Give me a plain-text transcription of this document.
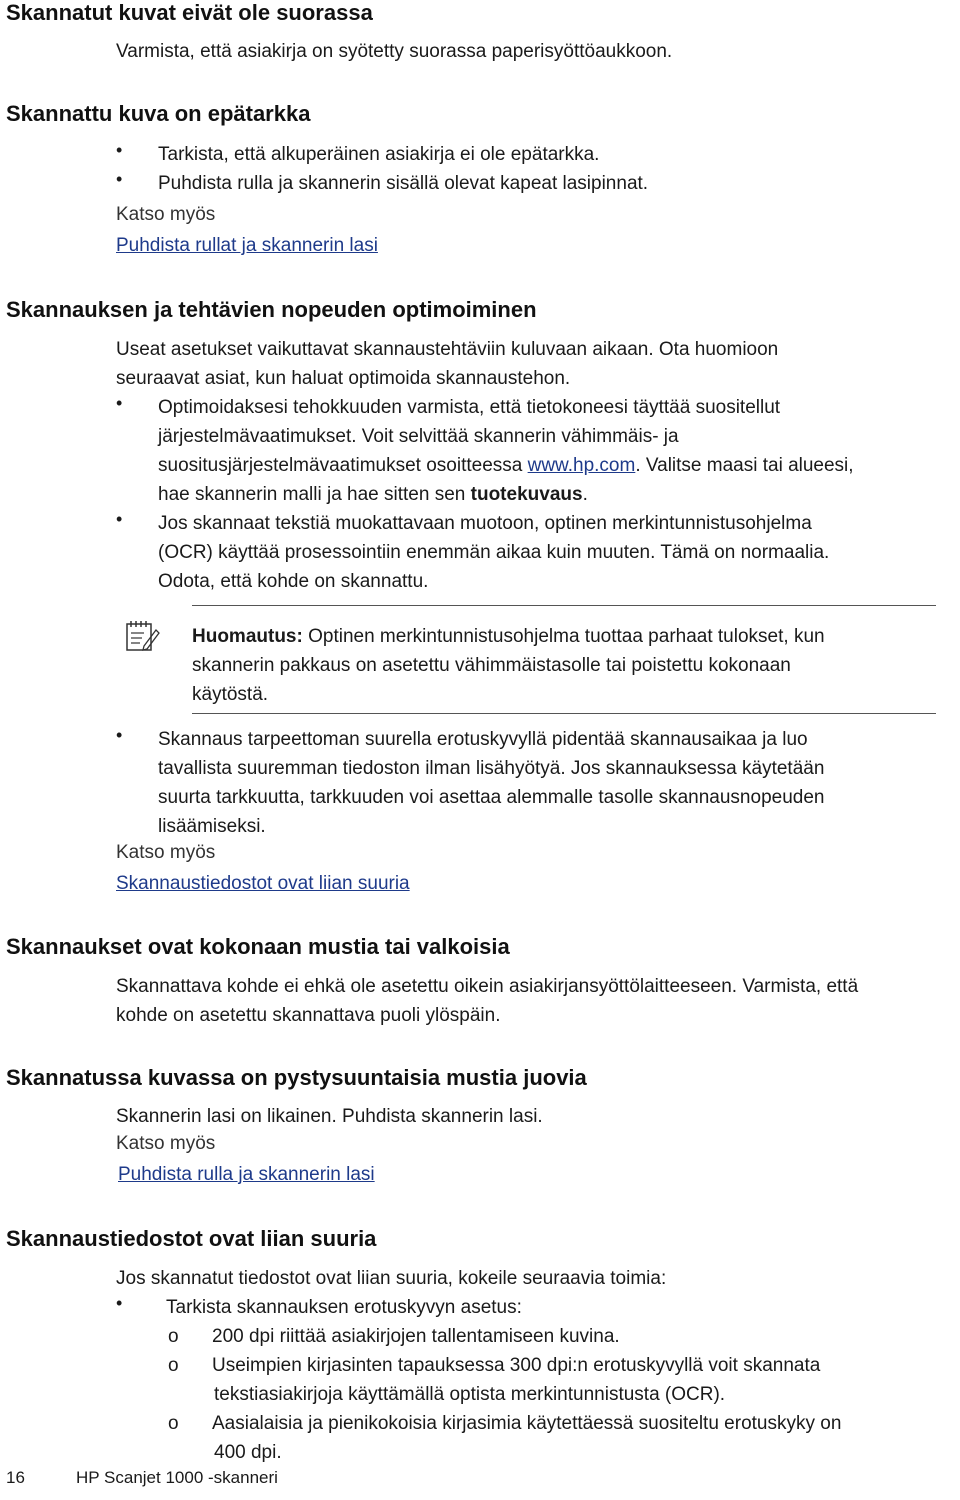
Skannatut kuvat eivät ole suorassa
Varmista, että asiakirja on syötetty suorassa paperisyöttöaukkoon.
Skannattu kuva on epätarkka
• Tarkista, että alkuperäinen asiakirja ei ole epätarkka.
• Puhdista rulla ja skannerin sisällä olevat kapeat lasipinnat.
Katso myös
Puhdista rullat ja skannerin lasi
Skannauksen ja tehtävien nopeuden optimoiminen
Useat asetukset vaikuttavat skannaustehtäviin kuluvaan aikaan. Ota huomioon
seuraavat asiat, kun haluat optimoida skannaustehon.
• Optimoidaksesi tehokkuuden varmista, että tietokoneesi täyttää suositellut
järjestelmävaatimukset. Voit selvittää skannerin vähimmäis- ja
suositusjärjestelmävaatimukset osoitteessa www.hp.com. Valitse maasi tai alueesi,
hae skannerin malli ja hae sitten sen tuotekuvaus.
• Jos skannaat tekstiä muokattavaan muotoon, optinen merkintunnistusohjelma
(OCR) käyttää prosessointiin enemmän aikaa kuin muuten. Tämä on normaalia.
Odota, että kohde on skannattu.
Huomautus: Optinen merkintunnistusohjelma tuottaa parhaat tulokset, kun
skannerin pakkaus on asetettu vähimmäistasolle tai poistettu kokonaan
käytöstä.
• Skannaus tarpeettoman suurella erotuskyvyllä pidentää skannausaikaa ja luo
tavallista suuremman tiedoston ilman lisähyötyä. Jos skannauksessa käytetään
suurta tarkkuutta, tarkkuuden voi asettaa alemmalle tasolle skannausnopeuden
lisäämiseksi.
Katso myös
Skannaustiedostot ovat liian suuria
Skannaukset ovat kokonaan mustia tai valkoisia
Skannattava kohde ei ehkä ole asetettu oikein asiakirjansyöttölaitteeseen. Varmista, että
kohde on asetettu skannattava puoli ylöspäin.
Skannatussa kuvassa on pystysuuntaisia mustia juovia
Skannerin lasi on likainen. Puhdista skannerin lasi.
Katso myös
Puhdista rulla ja skannerin lasi
Skannaustiedostot ovat liian suuria
Jos skannatut tiedostot ovat liian suuria, kokeile seuraavia toimia:
• Tarkista skannauksen erotuskyvyn asetus:
o 200 dpi riittää asiakirjojen tallentamiseen kuvina.
o Useimpien kirjasinten tapauksessa 300 dpi:n erotuskyvyllä voit skannata
tekstiasiakirjoja käyttämällä optista merkintunnistusta (OCR).
o Aasialaisia ja pienikokoisia kirjasimia käytettäessä suositeltu erotuskyky on
400 dpi.
16	HP Scanjet 1000 -skanneri
